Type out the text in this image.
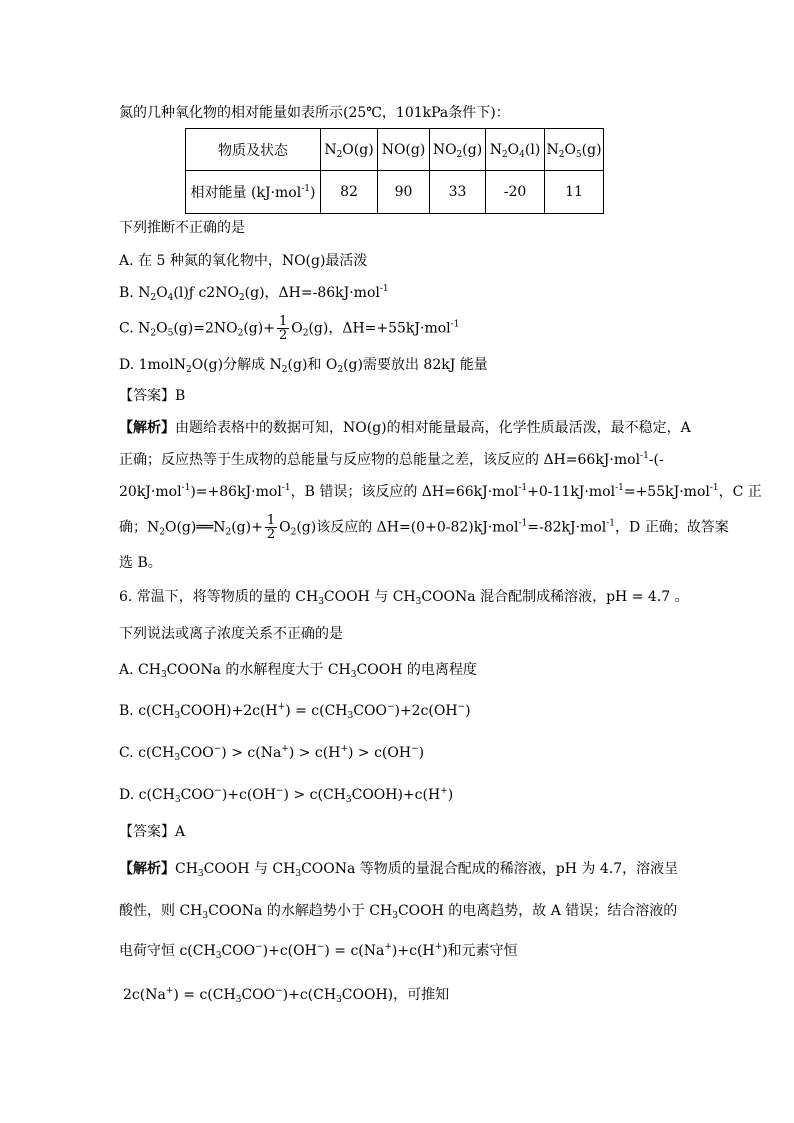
氮的几种氧化物的相对能量如表所示(25℃，101kPa条件下)：
物质及状态	$N_2O(g)$	NO(g)	$NO_2(g)$	$N_2O_4(l)$	$N_2O_5(g)$
相对能量 (kJ·mol$^{-1}$)	82	90	33	-20	11
下列推断不正确的是
A. 在 5 种氮的氧化物中，NO(g)最活泼
B. $N_2O_4(l)ƒ$ $c2NO_2(g)$，ΔH=-86kJ·mol$^{-1}$
C. $N_2O_5(g)=2NO_2(g)+ \frac{1}{2} O_2(g)$，ΔH=+55kJ·mol$^{-1}$
D. 1molN$_2$O(g)分解成 $N_2(g)$和 $O_2(g)$需要放出 82kJ 能量
【答案】B
【解析】由题给表格中的数据可知，NO(g)的相对能量最高，化学性质最活泼，最不稳定，A
正确；反应热等于生成物的总能量与反应物的总能量之差，该反应的 ΔH=66kJ·mol$^{-1}$-(-
20kJ·mol$^{-1}$)=+86kJ·mol$^{-1}$，B 错误；该反应的 ΔH=66kJ·mol$^{-1}$+0-11kJ·mol$^{-1}$=+55kJ·mol$^{-1}$，C 正
确；$N_2O(g)══N_2(g)+ \frac{1}{2} O_2(g)$该反应的 ΔH=(0+0-82)kJ·mol$^{-1}$=-82kJ·mol$^{-1}$，D 正确；故答案
选 B。
6. 常温下，将等物质的量的 $CH_3COOH$ 与 $CH_3COONa$ 混合配制成稀溶液，pH = 4.7 。
下列说法或离子浓度关系不正确的是
A. $CH_3COONa$ 的水解程度大于 $CH_3COOH$ 的电离程度
B. $c(CH_3COOH)+2c(H^+) = c(CH_3COO^-)+2c(OH^-)$
C. $c(CH_3COO^-) > c(Na^+) > c(H^+) > c(OH^-)$
D. $c(CH_3COO^-)+c(OH^-)$ > $c(CH_3COOH)+c(H^+)$
【答案】A
【解析】$CH_3COOH$ 与 $CH_3COONa$ 等物质的量混合配成的稀溶液，pH 为 4.7，溶液呈
酸性，则 $CH_3COONa$ 的水解趋势小于 $CH_3COOH$ 的电离趋势，故 A 错误；结合溶液的
电荷守恒 $c(CH_3COO^-)+c(OH^-) = c(Na^+)+c(H^+)$和元素守恒
$2c(Na^+) = c(CH_3COO^-)+c(CH_3COOH)$，可推知
